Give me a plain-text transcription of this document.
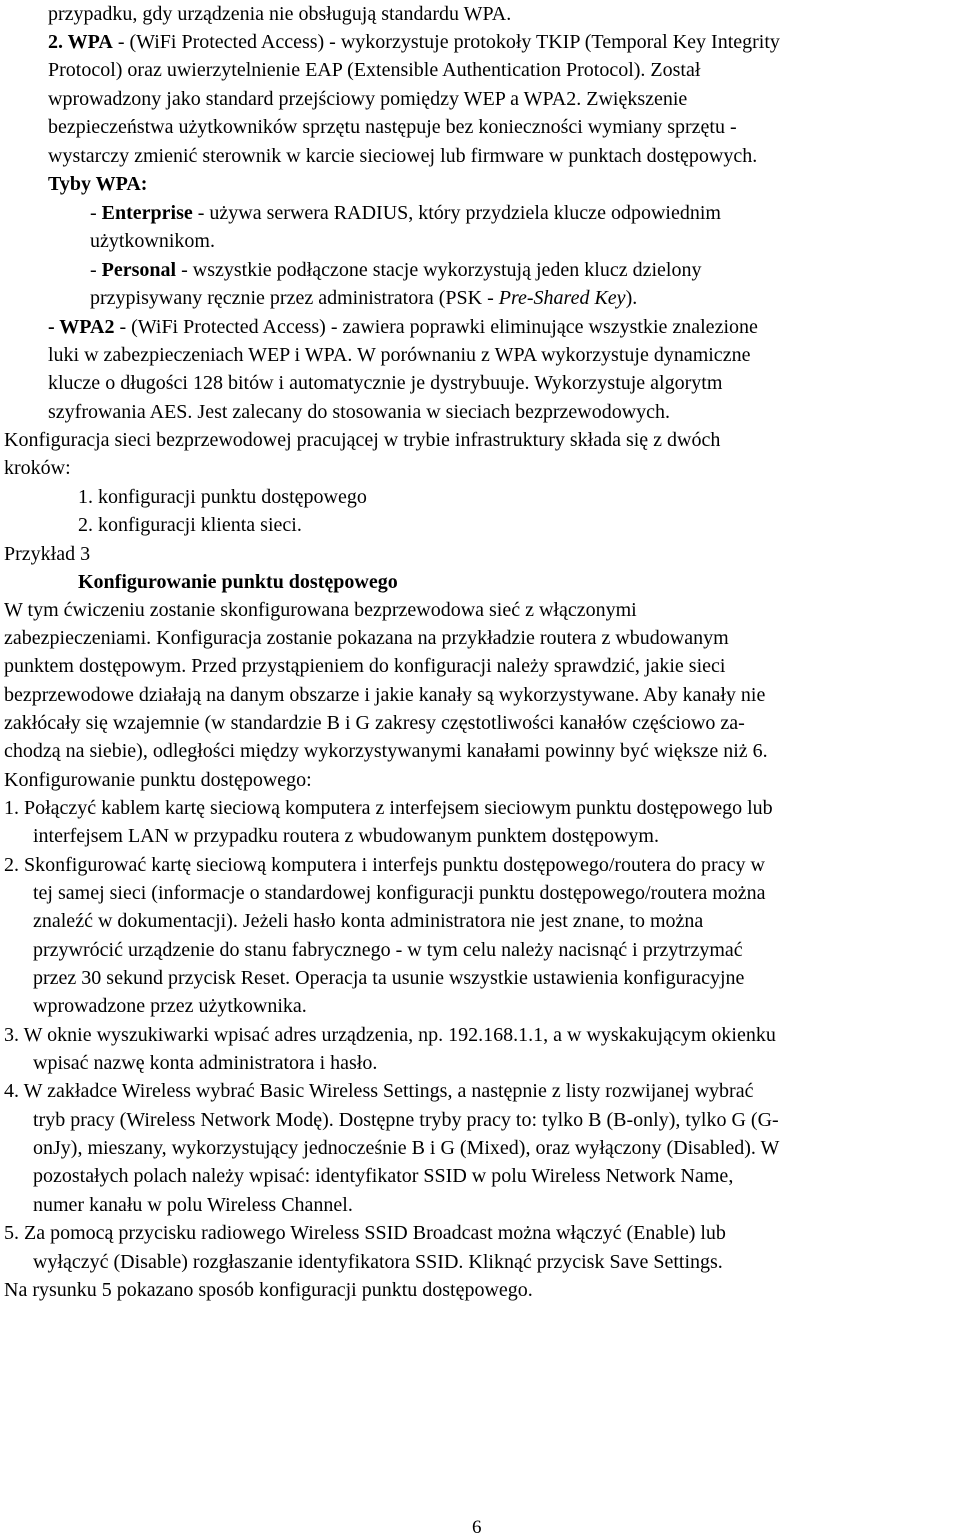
przypadku, gdy urządzenia nie obsługują standardu WPA.
2. WPA - (WiFi Protected Access) - wykorzystuje protokoły TKIP (Temporal Key Integrity
Protocol) oraz uwierzytelnienie EAP (Extensible Authentication Protocol). Został
wprowadzony jako standard przejściowy pomiędzy WEP a WPA2. Zwiększenie
bezpieczeństwa użytkowników sprzętu następuje bez konieczności wymiany sprzętu -
wystarczy zmienić sterownik w karcie sieciowej lub firmware w punktach dostępowych.
Tyby WPA:
- Enterprise - używa serwera RADIUS, który przydziela klucze odpowiednim
użytkownikom.
- Personal - wszystkie podłączone stacje wykorzystują jeden klucz dzielony
przypisywany ręcznie przez administratora (PSK - Pre-Shared Key).
- WPA2 - (WiFi Protected Access) - zawiera poprawki eliminujące wszystkie znalezione
luki w zabezpieczeniach WEP i WPA. W porównaniu z WPA wykorzystuje dynamiczne
klucze o długości 128 bitów i automatycznie je dystrybuuje. Wykorzystuje algorytm
szyfrowania AES. Jest zalecany do stosowania w sieciach bezprzewodowych.
Konfiguracja sieci bezprzewodowej pracującej w trybie infrastruktury składa się z dwóch
kroków:
1. konfiguracji punktu dostępowego
2. konfiguracji klienta sieci.
Przykład 3
Konfigurowanie punktu dostępowego
W tym ćwiczeniu zostanie skonfigurowana bezprzewodowa sieć z włączonymi
zabezpieczeniami. Konfiguracja zostanie pokazana na przykładzie routera z wbudowanym
punktem dostępowym. Przed przystąpieniem do konfiguracji należy sprawdzić, jakie sieci
bezprzewodowe działają na danym obszarze i jakie kanały są wykorzystywane. Aby kanały nie
zakłócały się wzajemnie (w standardzie B i G zakresy częstotliwości kanałów częściowo za-
chodzą na siebie), odległości między wykorzystywanymi kanałami powinny być większe niż 6.
Konfigurowanie punktu dostępowego:
1. Połączyć kablem kartę sieciową komputera z interfejsem sieciowym punktu dostępowego lub
interfejsem LAN w przypadku routera z wbudowanym punktem dostępowym.
2. Skonfigurować kartę sieciową komputera i interfejs punktu dostępowego/routera do pracy w
tej samej sieci (informacje o standardowej konfiguracji punktu dostępowego/routera można
znaleźć w dokumentacji). Jeżeli hasło konta administratora nie jest znane, to można
przywrócić urządzenie do stanu fabrycznego - w tym celu należy nacisnąć i przytrzymać
przez 30 sekund przycisk Reset. Operacja ta usunie wszystkie ustawienia konfiguracyjne
wprowadzone przez użytkownika.
3. W oknie wyszukiwarki wpisać adres urządzenia, np. 192.168.1.1, a w wyskakującym okienku
wpisać nazwę konta administratora i hasło.
4. W zakładce Wireless wybrać Basic Wireless Settings, a następnie z listy rozwijanej wybrać
tryb pracy (Wireless Network Modę). Dostępne tryby pracy to: tylko B (B-only), tylko G (G-
onJy), mieszany, wykorzystujący jednocześnie B i G (Mixed), oraz wyłączony (Disabled). W
pozostałych polach należy wpisać: identyfikator SSID w polu Wireless Network Name,
numer kanału w polu Wireless Channel.
5. Za pomocą przycisku radiowego Wireless SSID Broadcast można włączyć (Enable) lub
wyłączyć (Disable) rozgłaszanie identyfikatora SSID. Kliknąć przycisk Save Settings.
Na rysunku 5 pokazano sposób konfiguracji punktu dostępowego.
6
